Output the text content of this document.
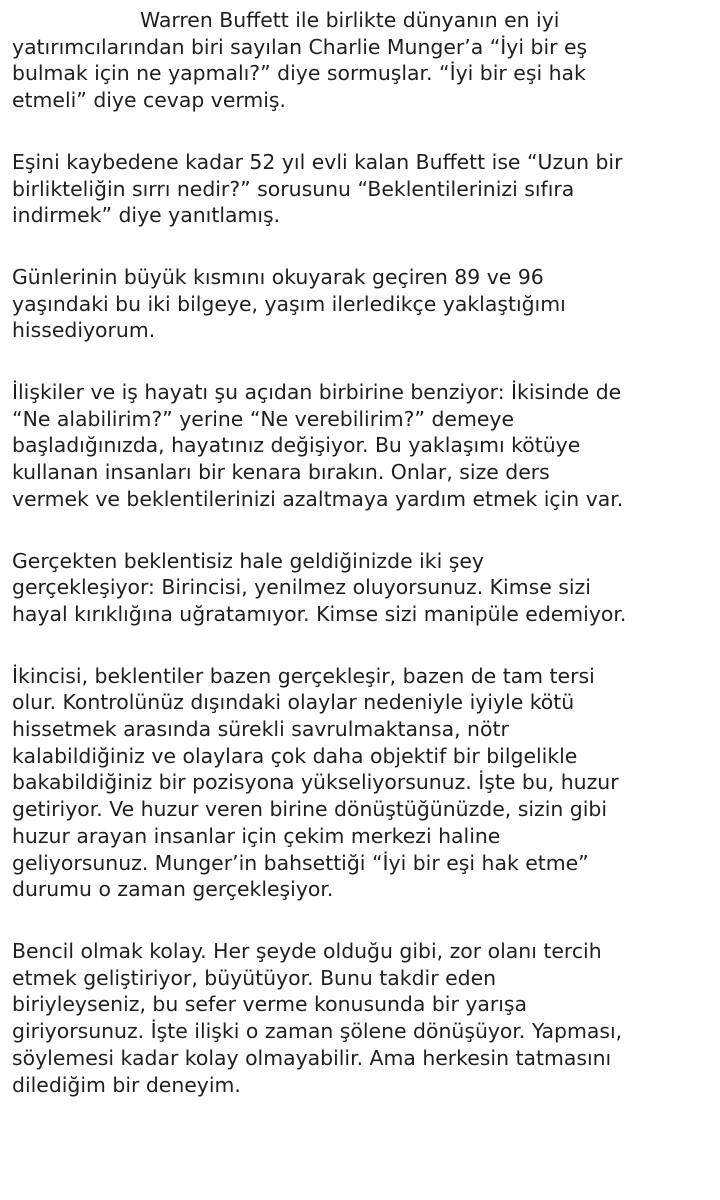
Warren Buffett ile birlikte dünyanın en iyi
yatırımcılarından biri sayılan Charlie Munger’a “İyi bir eş
bulmak için ne yapmalı?” diye sormuşlar. “İyi bir eşi hak
etmeli” diye cevap vermiş.

Eşini kaybedene kadar 52 yıl evli kalan Buffett ise “Uzun bir
birlikteliğin sırrı nedir?” sorusunu “Beklentilerinizi sıfıra
indirmek” diye yanıtlamış.

Günlerinin büyük kısmını okuyarak geçiren 89 ve 96
yaşındaki bu iki bilgeye, yaşım ilerledikçe yaklaştığımı
hissediyorum.

İlişkiler ve iş hayatı şu açıdan birbirine benziyor: İkisinde de
“Ne alabilirim?” yerine “Ne verebilirim?” demeye
başladığınızda, hayatınız değişiyor. Bu yaklaşımı kötüye
kullanan insanları bir kenara bırakın. Onlar, size ders
vermek ve beklentilerinizi azaltmaya yardım etmek için var.

Gerçekten beklentisiz hale geldiğinizde iki şey
gerçekleşiyor: Birincisi, yenilmez oluyorsunuz. Kimse sizi
hayal kırıklığına uğratamıyor. Kimse sizi manipüle edemiyor.

İkincisi, beklentiler bazen gerçekleşir, bazen de tam tersi
olur. Kontrolünüz dışındaki olaylar nedeniyle iyiyle kötü
hissetmek arasında sürekli savrulmaktansa, nötr
kalabildiğiniz ve olaylara çok daha objektif bir bilgelikle
bakabildiğiniz bir pozisyona yükseliyorsunuz. İşte bu, huzur
getiriyor. Ve huzur veren birine dönüştüğünüzde, sizin gibi
huzur arayan insanlar için çekim merkezi haline
geliyorsunuz. Munger’in bahsettiği “İyi bir eşi hak etme”
durumu o zaman gerçekleşiyor.

Bencil olmak kolay. Her şeyde olduğu gibi, zor olanı tercih
etmek geliştiriyor, büyütüyor. Bunu takdir eden
biriyleyseniz, bu sefer verme konusunda bir yarışa
giriyorsunuz. İşte ilişki o zaman şölene dönüşüyor. Yapması,
söylemesi kadar kolay olmayabilir. Ama herkesin tatmasını
dilediğim bir deneyim.
